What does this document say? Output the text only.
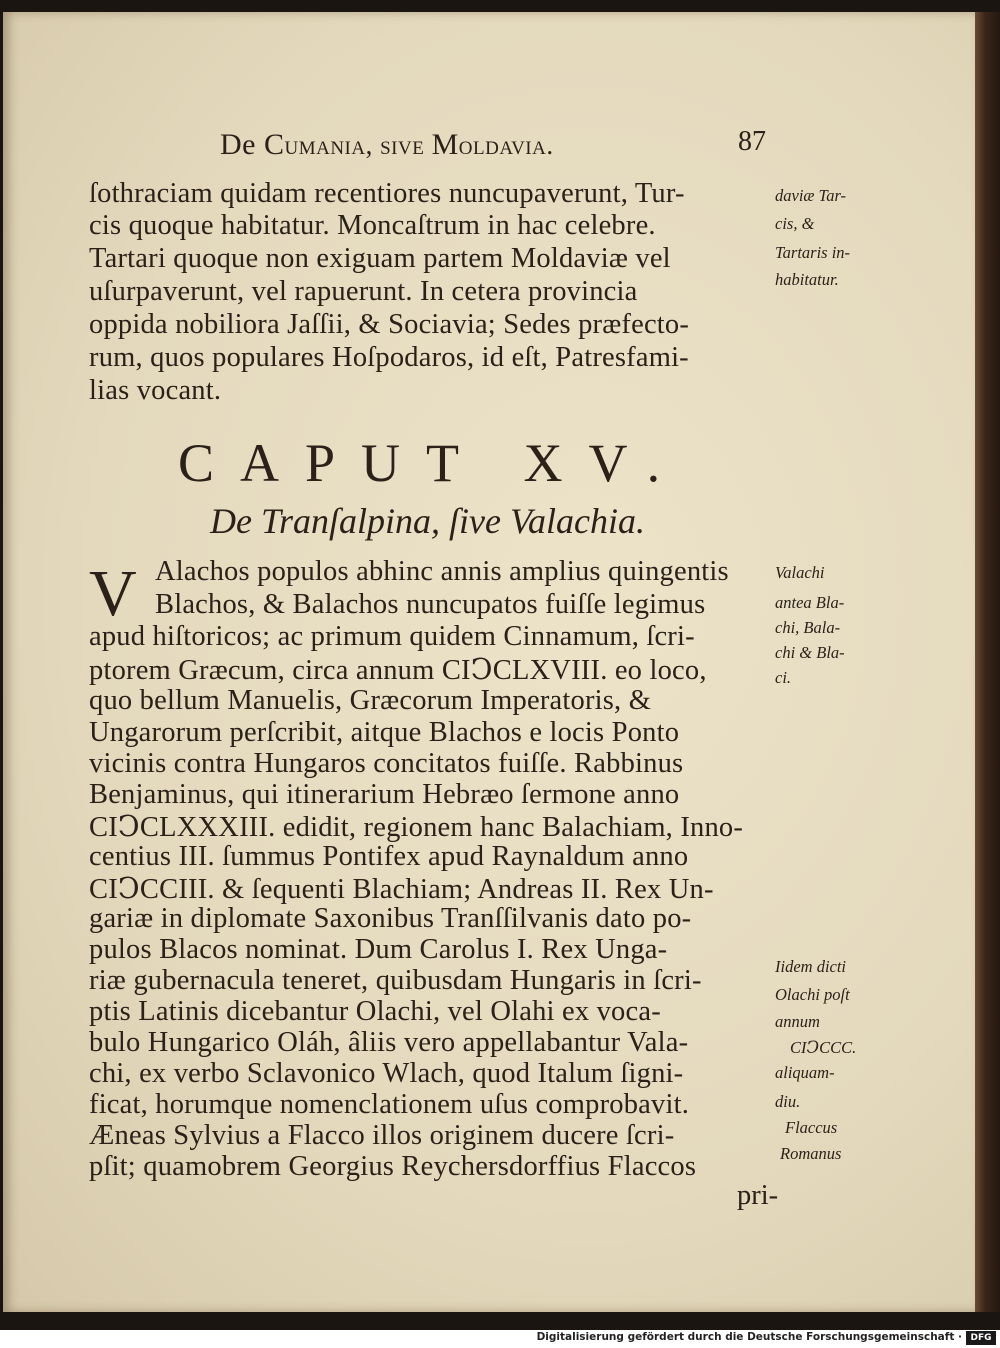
De Cumania, sive Moldavia.	87
ſothraciam quidam recentiores nuncupaverunt, Tur-
cis quoque habitatur. Moncaſtrum in hac celebre.
Tartari quoque non exiguam partem Moldaviæ vel
uſurpaverunt, vel rapuerunt. In cetera provincia
oppida nobiliora Jaſſii, & Sociavia; Sedes præfecto-
rum, quos populares Hoſpodaros, id eſt, Patresfami-
lias vocant.
daviæ Tar-
cis, &
Tartaris in-
habitatur.
CAPUT XV.
De Tranſalpina, ſive Valachia.
V Alachos populos abhinc annis amplius quingentis
Blachos, & Balachos nuncupatos fuiſſe legimus
apud hiſtoricos; ac primum quidem Cinnamum, ſcri-
ptorem Græcum, circa annum CIↃCLXVIII. eo loco,
quo bellum Manuelis, Græcorum Imperatoris, &
Ungarorum perſcribit, aitque Blachos e locis Ponto
vicinis contra Hungaros concitatos fuiſſe. Rabbinus
Benjaminus, qui itinerarium Hebræo ſermone anno
CIↃCLXXXIII. edidit, regionem hanc Balachiam, Inno-
centius III. ſummus Pontifex apud Raynaldum anno
CIↃCCIII. & ſequenti Blachiam; Andreas II. Rex Un-
gariæ in diplomate Saxonibus Tranſſilvanis dato po-
pulos Blacos nominat. Dum Carolus I. Rex Unga-
riæ gubernacula teneret, quibusdam Hungaris in ſcri-
ptis Latinis dicebantur Olachi, vel Olahi ex voca-
bulo Hungarico Oláh, âliis vero appellabantur Vala-
chi, ex verbo Sclavonico Wlach, quod Italum ſigni-
ficat, horumque nomenclationem uſus comprobavit.
Æneas Sylvius a Flacco illos originem ducere ſcri-
pſit; quamobrem Georgius Reychersdorffius Flaccos
Valachi
antea Bla-
chi, Bala-
chi & Bla-
ci.
Iidem dicti
Olachi poſt
annum
CIↃCCC.
aliquam-
diu.
Flaccus
Romanus
pri-
Digitalisierung gefördert durch die Deutsche Forschungsgemeinschaft · DFG
